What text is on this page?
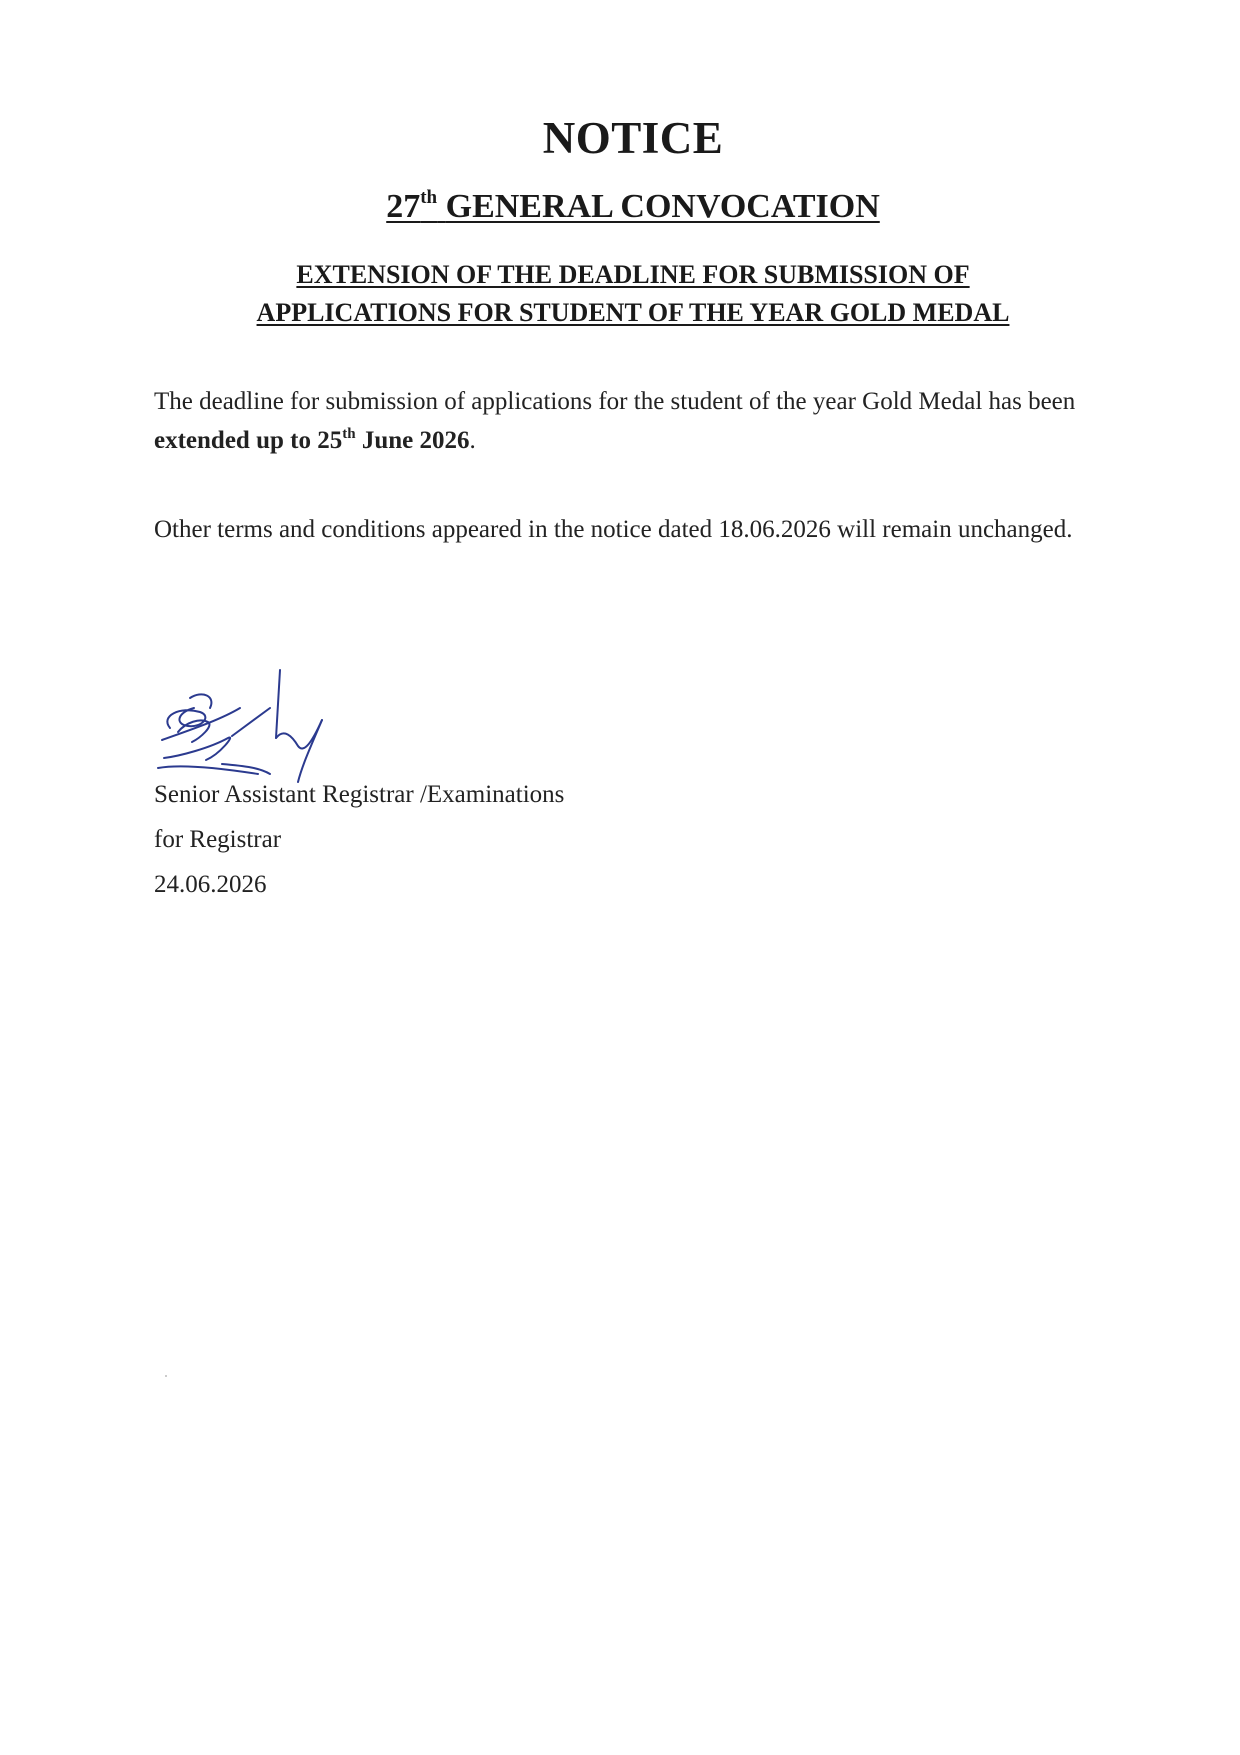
NOTICE
27th GENERAL CONVOCATION
EXTENSION OF THE DEADLINE FOR SUBMISSION OF
APPLICATIONS FOR STUDENT OF THE YEAR GOLD MEDAL
The deadline for submission of applications for the student of the year Gold Medal has been extended up to 25th June 2026.
Other terms and conditions appeared in the notice dated 18.06.2026 will remain unchanged.
Senior Assistant Registrar /Examinations
for Registrar
24.06.2026
